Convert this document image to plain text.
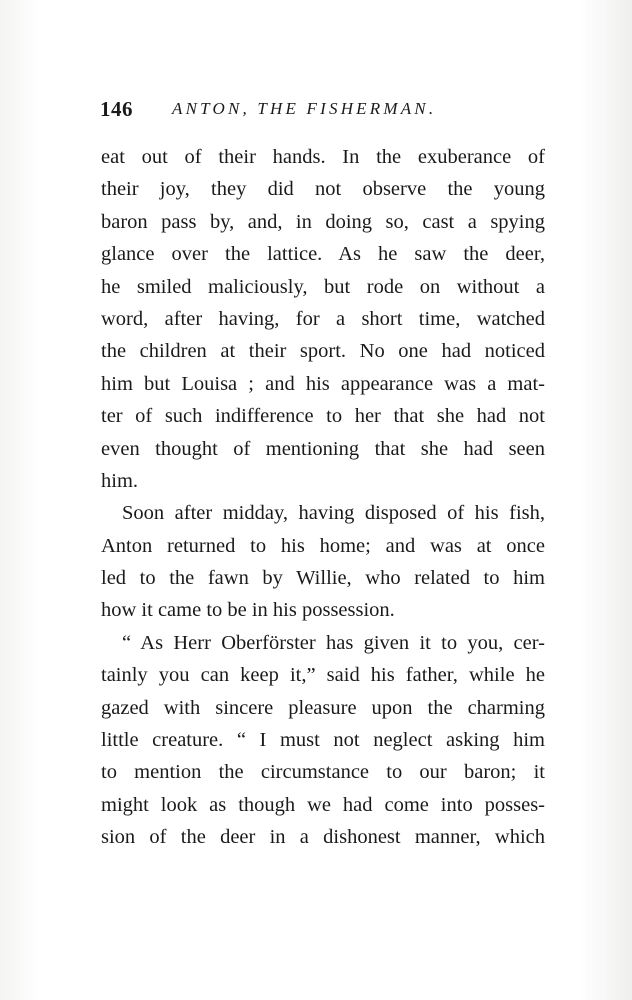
146 ANTON, THE FISHERMAN.
eat out of their hands. In the exuberance of
their joy, they did not observe the young
baron pass by, and, in doing so, cast a spying
glance over the lattice. As he saw the deer,
he smiled maliciously, but rode on without a
word, after having, for a short time, watched
the children at their sport. No one had noticed
him but Louisa ; and his appearance was a mat-
ter of such indifference to her that she had not
even thought of mentioning that she had seen
him.
Soon after midday, having disposed of his fish,
Anton returned to his home; and was at once
led to the fawn by Willie, who related to him
how it came to be in his possession.
“ As Herr Oberförster has given it to you, cer-
tainly you can keep it,” said his father, while he
gazed with sincere pleasure upon the charming
little creature. “ I must not neglect asking him
to mention the circumstance to our baron; it
might look as though we had come into posses-
sion of the deer in a dishonest manner, which
